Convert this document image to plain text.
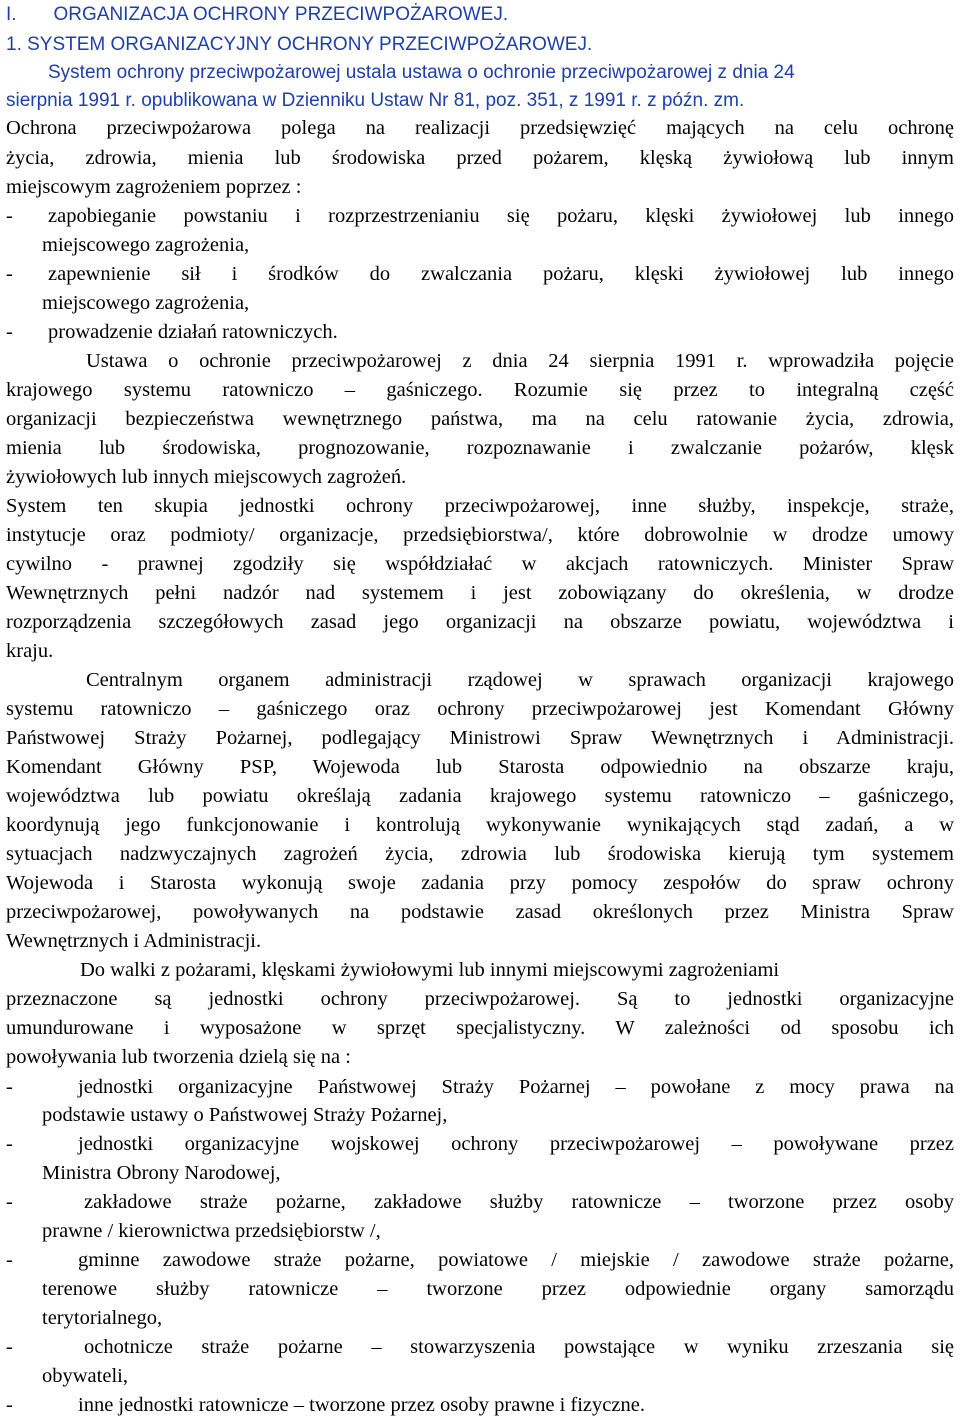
I.       ORGANIZACJA OCHRONY PRZECIWPOŻAROWEJ.
1. SYSTEM ORGANIZACYJNY OCHRONY PRZECIWPOŻAROWEJ.
System ochrony przeciwpożarowej ustala ustawa o ochronie przeciwpożarowej z dnia 24
sierpnia 1991 r. opublikowana w Dzienniku Ustaw Nr 81, poz. 351, z 1991 r. z późn. zm.
Ochrona przeciwpożarowa polega na realizacji przedsięwzięć mających na celu ochronę
życia, zdrowia, mienia lub środowiska przed pożarem, klęską żywiołową lub innym
miejscowym zagrożeniem poprzez :
-	zapobieganie powstaniu i rozprzestrzenianiu się pożaru, klęski żywiołowej lub innego
miejscowego zagrożenia,
-	zapewnienie sił i środków do zwalczania pożaru, klęski żywiołowej lub innego
miejscowego zagrożenia,
-	prowadzenie działań ratowniczych.
Ustawa o ochronie przeciwpożarowej z dnia 24 sierpnia 1991 r. wprowadziła pojęcie
krajowego systemu ratowniczo – gaśniczego. Rozumie się przez to integralną część
organizacji bezpieczeństwa wewnętrznego państwa, ma na celu ratowanie życia, zdrowia,
mienia lub środowiska, prognozowanie, rozpoznawanie i zwalczanie pożarów, klęsk
żywiołowych lub innych miejscowych zagrożeń.
System ten skupia jednostki ochrony przeciwpożarowej, inne służby, inspekcje, straże,
instytucje oraz podmioty/ organizacje, przedsiębiorstwa/, które dobrowolnie w drodze umowy
cywilno - prawnej zgodziły się współdziałać w akcjach ratowniczych. Minister Spraw
Wewnętrznych pełni nadzór nad systemem i jest zobowiązany do określenia, w drodze
rozporządzenia szczegółowych zasad jego organizacji na obszarze powiatu, województwa i
kraju.
Centralnym organem administracji rządowej w sprawach organizacji krajowego
systemu ratowniczo – gaśniczego oraz ochrony przeciwpożarowej jest Komendant Główny
Państwowej Straży Pożarnej, podlegający Ministrowi Spraw Wewnętrznych i Administracji.
Komendant Główny PSP, Wojewoda lub Starosta odpowiednio na obszarze kraju,
województwa lub powiatu określają zadania krajowego systemu ratowniczo – gaśniczego,
koordynują jego funkcjonowanie i kontrolują wykonywanie wynikających stąd zadań, a w
sytuacjach nadzwyczajnych zagrożeń życia, zdrowia lub środowiska kierują tym systemem
Wojewoda i Starosta wykonują swoje zadania przy pomocy zespołów do spraw ochrony
przeciwpożarowej, powoływanych na podstawie zasad określonych przez Ministra Spraw
Wewnętrznych i Administracji.
Do walki z pożarami, klęskami żywiołowymi lub innymi miejscowymi zagrożeniami
przeznaczone są jednostki ochrony przeciwpożarowej. Są to jednostki organizacyjne
umundurowane i wyposażone w sprzęt specjalistyczny. W zależności od sposobu ich
powoływania lub tworzenia dzielą się na :
-	jednostki organizacyjne Państwowej Straży Pożarnej – powołane z mocy prawa na
podstawie ustawy o Państwowej Straży Pożarnej,
-	jednostki organizacyjne wojskowej ochrony przeciwpożarowej – powoływane przez
Ministra Obrony Narodowej,
-	zakładowe straże pożarne, zakładowe służby ratownicze – tworzone przez osoby
prawne / kierownictwa przedsiębiorstw /,
-	gminne zawodowe straże pożarne, powiatowe / miejskie / zawodowe straże pożarne,
terenowe służby ratownicze – tworzone przez odpowiednie organy samorządu
terytorialnego,
-	ochotnicze straże pożarne – stowarzyszenia powstające w wyniku zrzeszania się
obywateli,
-	inne jednostki ratownicze – tworzone przez osoby prawne i fizyczne.
